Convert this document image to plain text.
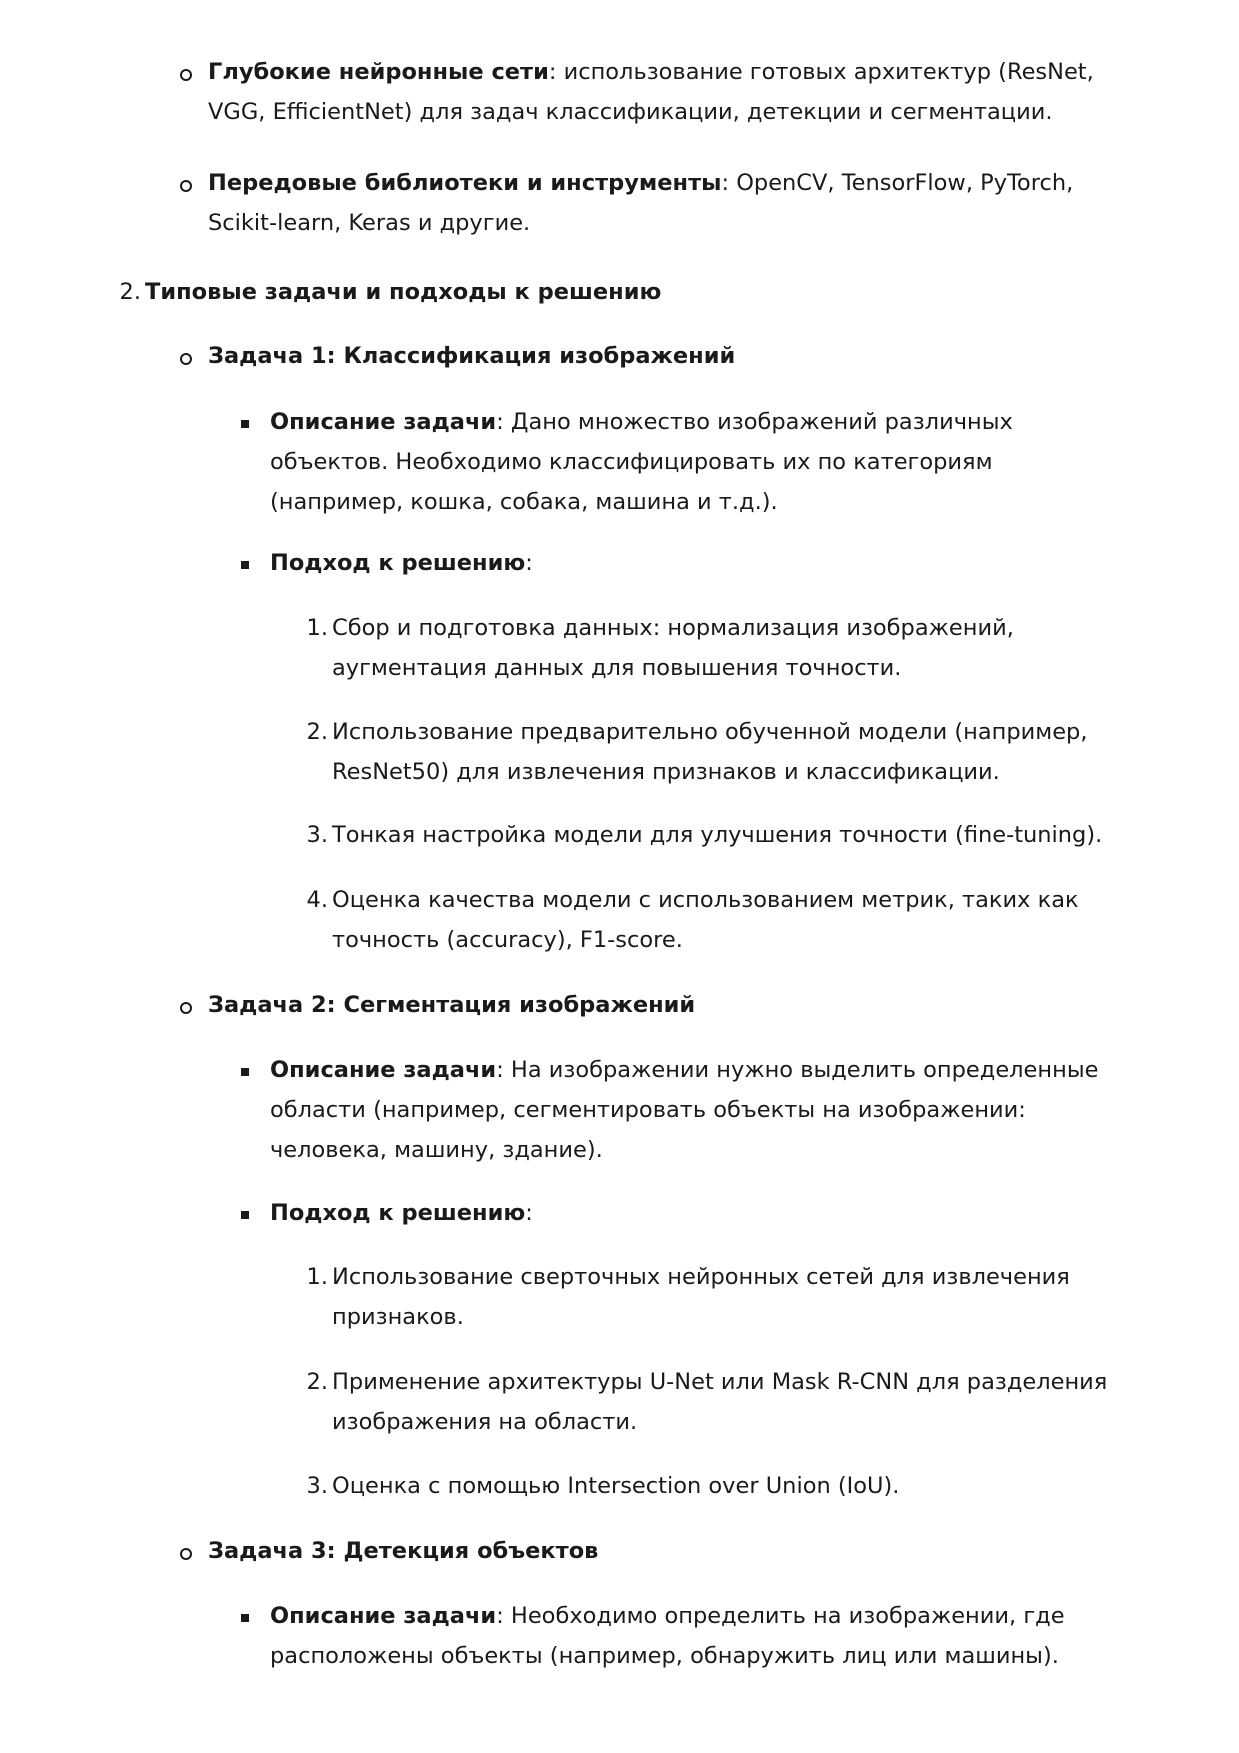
Глубокие нейронные сети: использование готовых архитектур (ResNet, VGG, EfficientNet) для задач классификации, детекции и сегментации.
Передовые библиотеки и инструменты: OpenCV, TensorFlow, PyTorch, Scikit-learn, Keras и другие.
2. Типовые задачи и подходы к решению
Задача 1: Классификация изображений
Описание задачи: Дано множество изображений различных объектов. Необходимо классифицировать их по категориям (например, кошка, собака, машина и т.д.).
Подход к решению:
1. Сбор и подготовка данных: нормализация изображений, аугментация данных для повышения точности.
2. Использование предварительно обученной модели (например, ResNet50) для извлечения признаков и классификации.
3. Тонкая настройка модели для улучшения точности (fine-tuning).
4. Оценка качества модели с использованием метрик, таких как точность (accuracy), F1-score.
Задача 2: Сегментация изображений
Описание задачи: На изображении нужно выделить определенные области (например, сегментировать объекты на изображении: человека, машину, здание).
Подход к решению:
1. Использование сверточных нейронных сетей для извлечения признаков.
2. Применение архитектуры U-Net или Mask R-CNN для разделения изображения на области.
3. Оценка с помощью Intersection over Union (IoU).
Задача 3: Детекция объектов
Описание задачи: Необходимо определить на изображении, где расположены объекты (например, обнаружить лиц или машины).
